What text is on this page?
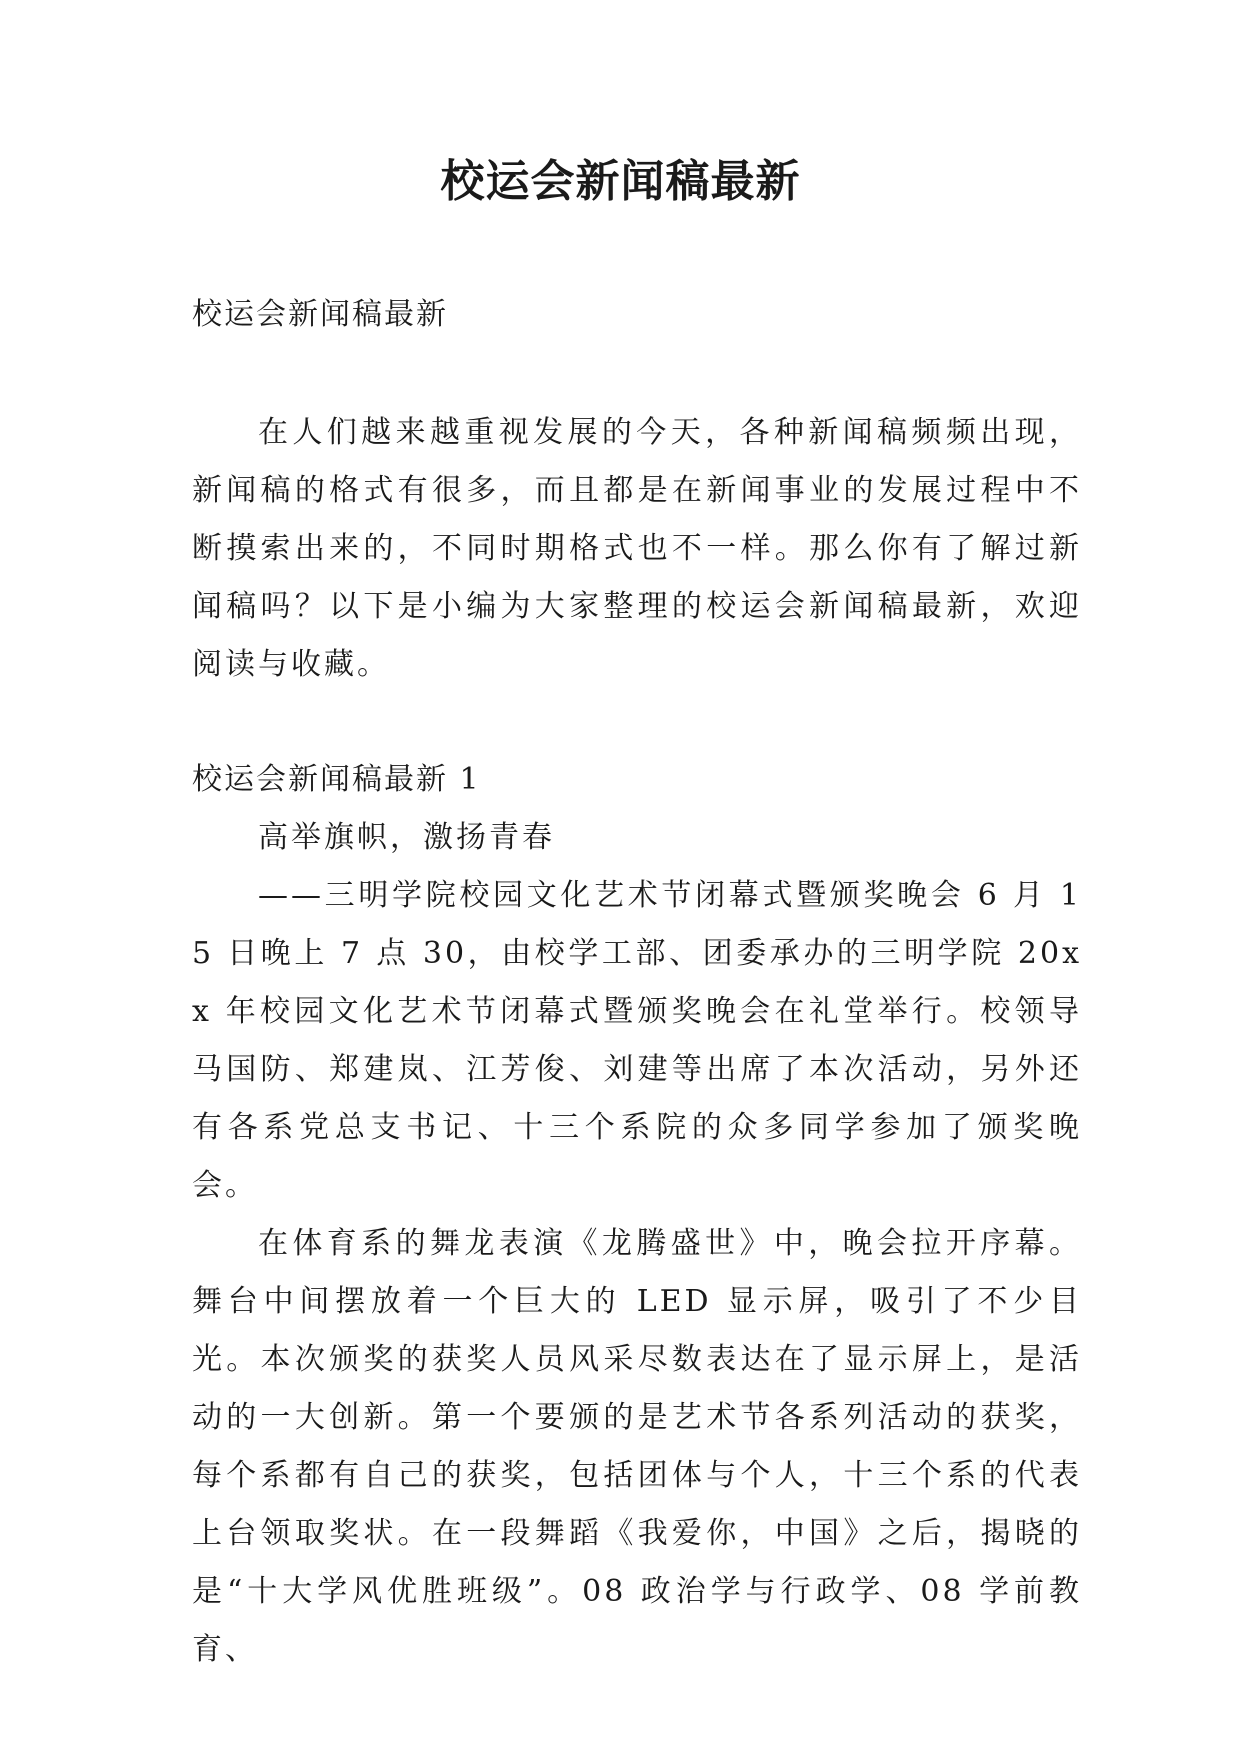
校运会新闻稿最新

校运会新闻稿最新

在人们越来越重视发展的今天，各种新闻稿频频出现，新闻稿的格式有很多，而且都是在新闻事业的发展过程中不断摸索出来的，不同时期格式也不一样。那么你有了解过新闻稿吗？以下是小编为大家整理的校运会新闻稿最新，欢迎阅读与收藏。

校运会新闻稿最新 1

高举旗帜，激扬青春

——三明学院校园文化艺术节闭幕式暨颁奖晚会 6 月 15 日晚上 7 点 30，由校学工部、团委承办的三明学院 20xx 年校园文化艺术节闭幕式暨颁奖晚会在礼堂举行。校领导马国防、郑建岚、江芳俊、刘建等出席了本次活动，另外还有各系党总支书记、十三个系院的众多同学参加了颁奖晚会。

在体育系的舞龙表演《龙腾盛世》中，晚会拉开序幕。舞台中间摆放着一个巨大的 LED 显示屏，吸引了不少目光。本次颁奖的获奖人员风采尽数表达在了显示屏上，是活动的一大创新。第一个要颁的是艺术节各系列活动的获奖，每个系都有自己的获奖，包括团体与个人，十三个系的代表上台领取奖状。在一段舞蹈《我爱你，中国》之后，揭晓的是“十大学风优胜班级”。08 政治学与行政学、08 学前教育、
